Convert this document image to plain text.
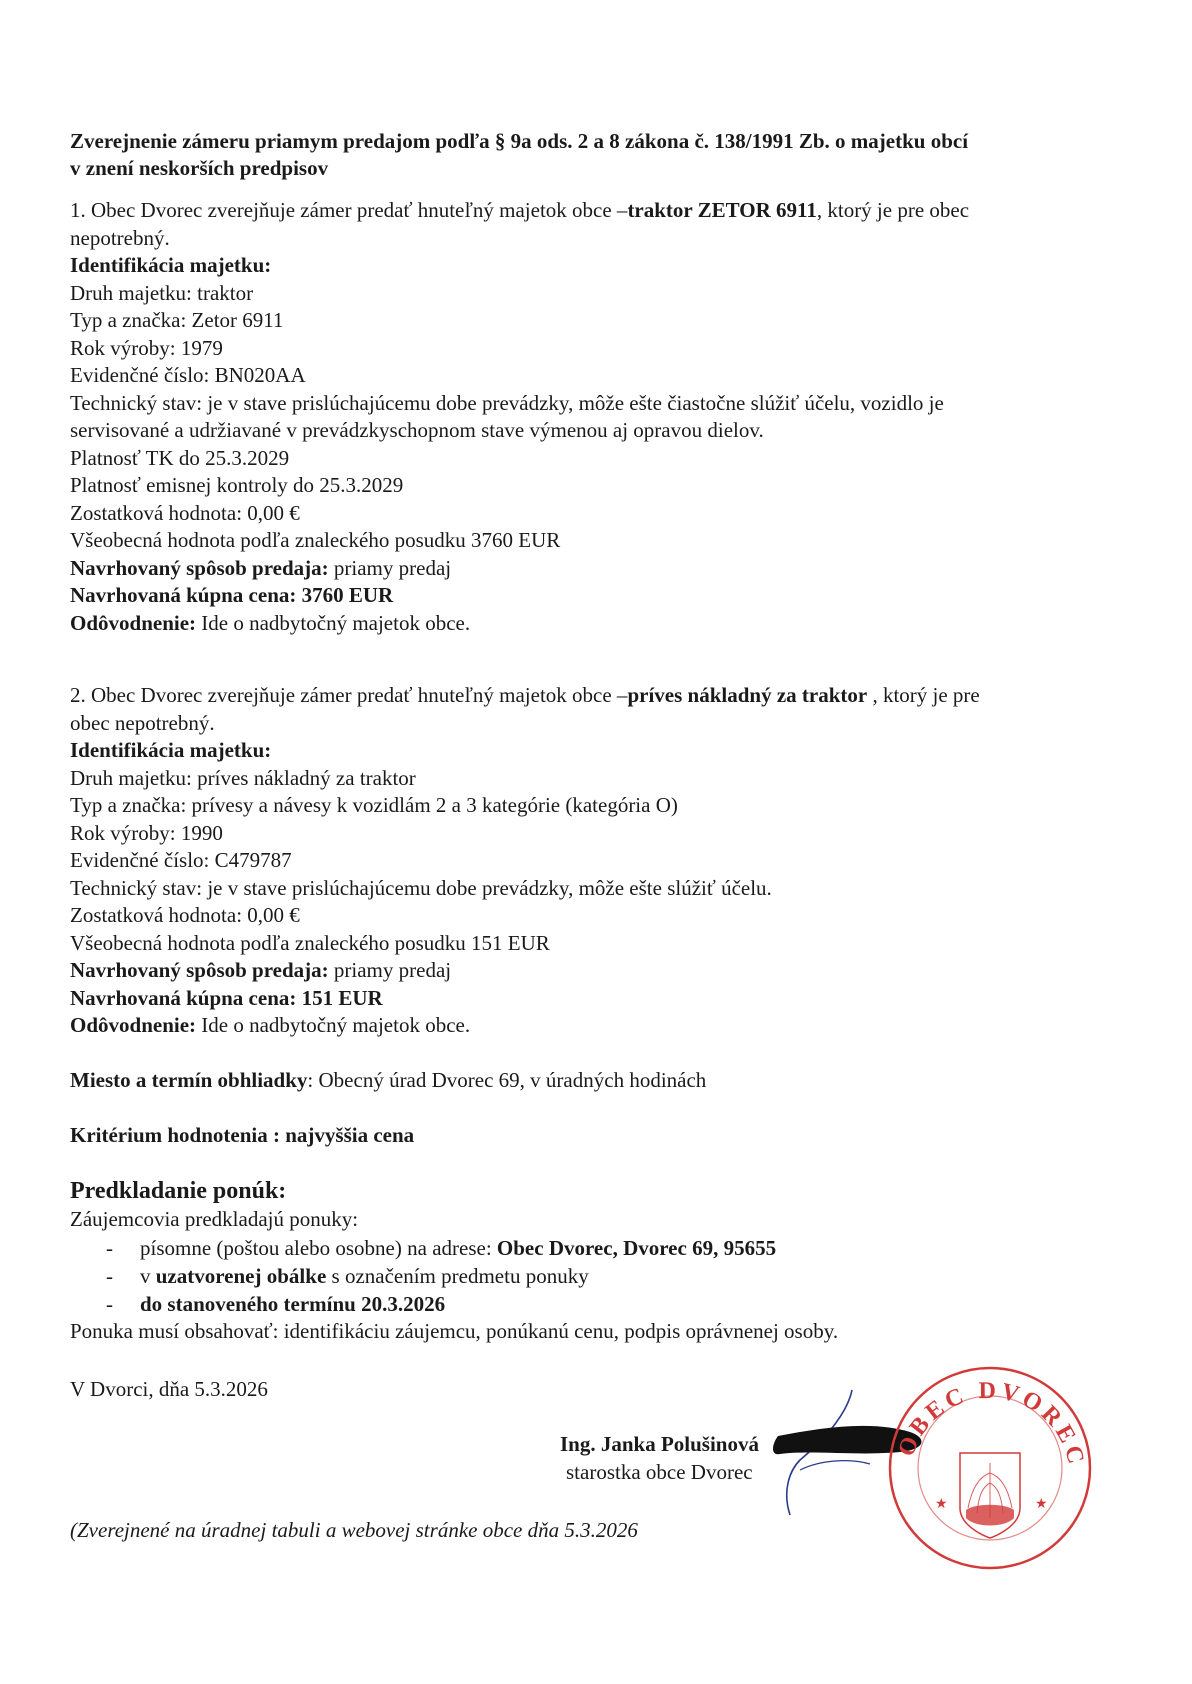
Zverejnenie zámeru priamym predajom podľa § 9a ods. 2 a 8 zákona č. 138/1991 Zb. o majetku obcí
v znení neskorších predpisov
1. Obec Dvorec zverejňuje zámer predať hnuteľný majetok obce –traktor ZETOR 6911, ktorý je pre obec
nepotrebný.
Identifikácia majetku:
Druh majetku: traktor
Typ a značka: Zetor 6911
Rok výroby: 1979
Evidenčné číslo: BN020AA
Technický stav: je v stave prislúchajúcemu dobe prevádzky, môže ešte čiastočne slúžiť účelu, vozidlo je
servisované a udržiavané v prevádzkyschopnom stave výmenou aj opravou dielov.
Platnosť TK do 25.3.2029
Platnosť emisnej kontroly do 25.3.2029
Zostatková hodnota: 0,00 €
Všeobecná hodnota podľa znaleckého posudku 3760 EUR
Navrhovaný spôsob predaja: priamy predaj
Navrhovaná kúpna cena: 3760 EUR
Odôvodnenie: Ide o nadbytočný majetok obce.
2. Obec Dvorec zverejňuje zámer predať hnuteľný majetok obce –príves nákladný za traktor , ktorý je pre
obec nepotrebný.
Identifikácia majetku:
Druh majetku: príves nákladný za traktor
Typ a značka: prívesy a návesy k vozidlám 2 a 3 kategórie (kategória O)
Rok výroby: 1990
Evidenčné číslo: C479787
Technický stav: je v stave prislúchajúcemu dobe prevádzky, môže ešte slúžiť účelu.
Zostatková hodnota: 0,00 €
Všeobecná hodnota podľa znaleckého posudku 151 EUR
Navrhovaný spôsob predaja: priamy predaj
Navrhovaná kúpna cena: 151 EUR
Odôvodnenie: Ide o nadbytočný majetok obce.
Miesto a termín obhliadky: Obecný úrad Dvorec 69, v úradných hodinách
Kritérium hodnotenia : najvyššia cena
Predkladanie ponúk:
Záujemcovia predkladajú ponuky:
- písomne (poštou alebo osobne) na adrese: Obec Dvorec, Dvorec 69, 95655
- v uzatvorenej obálke s označením predmetu ponuky
- do stanoveného termínu 20.3.2026
Ponuka musí obsahovať: identifikáciu záujemcu, ponúkanú cenu, podpis oprávnenej osoby.
V Dvorci, dňa 5.3.2026
Ing. Janka Polušinová
starostka obce Dvorec
OBEC DVOREC
★	★
(Zverejnené na úradnej tabuli a webovej stránke obce dňa 5.3.2026
